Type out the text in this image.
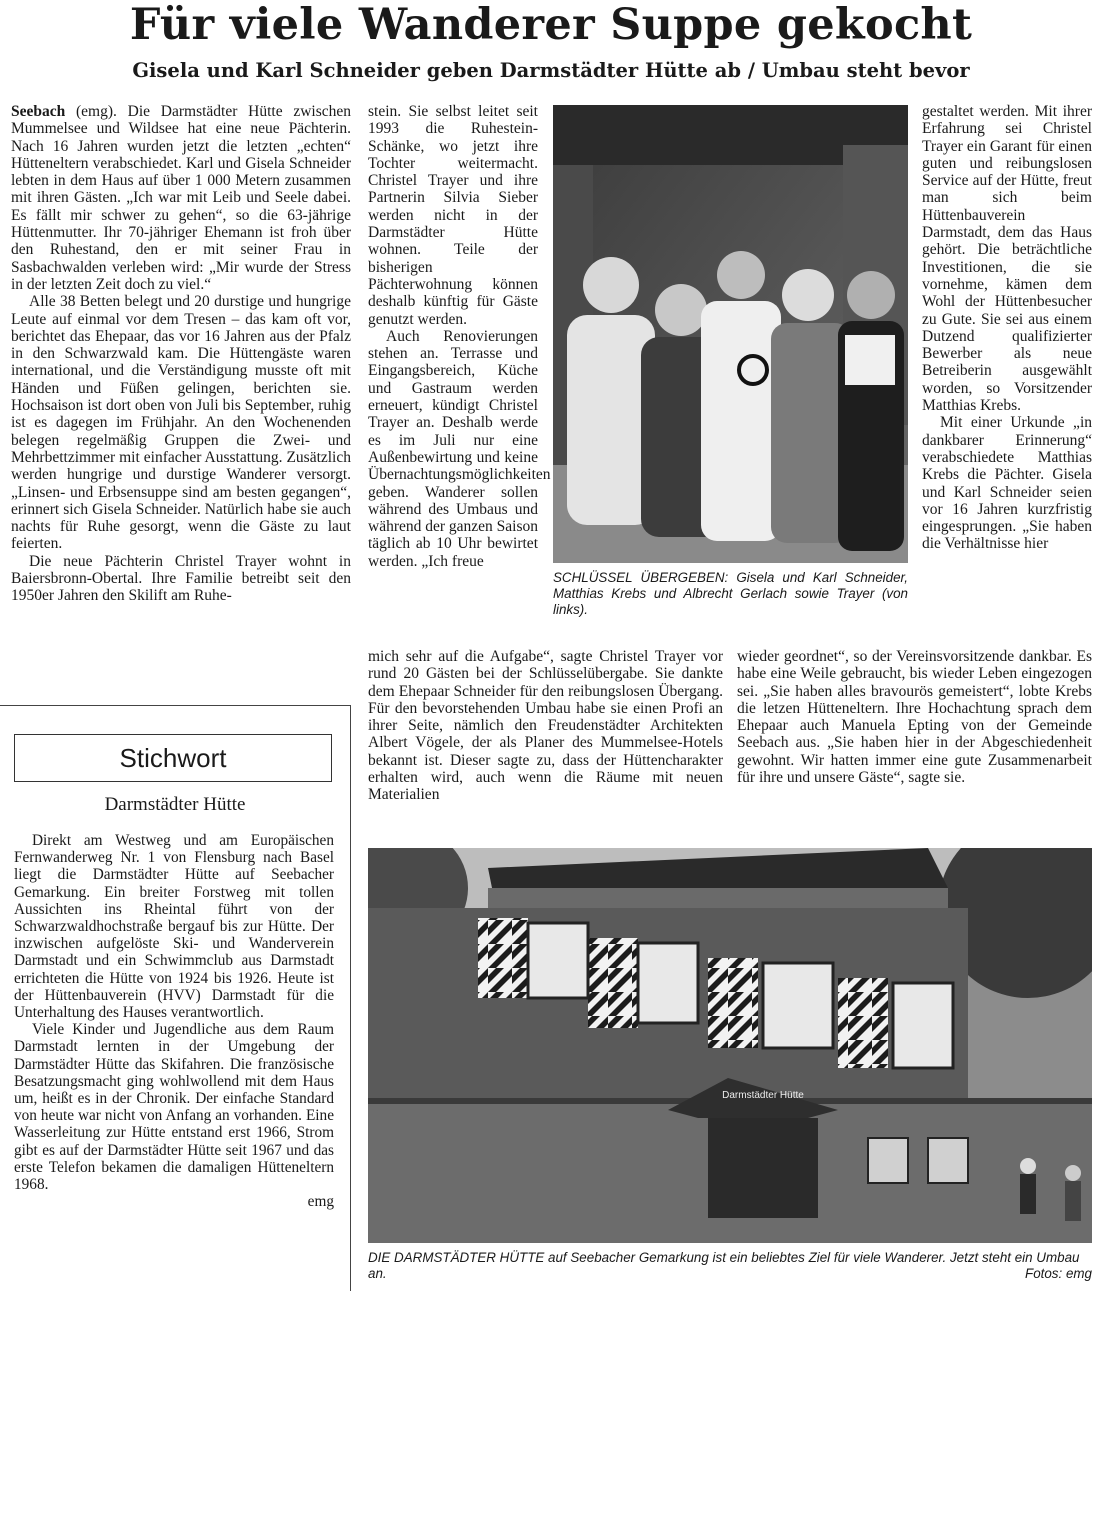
Für viele Wanderer Suppe gekocht
Gisela und Karl Schneider geben Darmstädter Hütte ab / Umbau steht bevor

Seebach (emg). Die Darmstädter Hütte zwischen Mummelsee und Wildsee hat eine neue Pächterin. Nach 16 Jahren wurden jetzt die letzten „echten“ Hütteneltern verabschiedet. Karl und Gisela Schneider lebten in dem Haus auf über 1 000 Metern zusammen mit ihren Gästen. „Ich war mit Leib und Seele dabei. Es fällt mir schwer zu gehen“, so die 63-jährige Hüttenmutter. Ihr 70-jähriger Ehemann ist froh über den Ruhestand, den er mit seiner Frau in Sasbachwalden verleben wird: „Mir wurde der Stress in der letzten Zeit doch zu viel.“

Alle 38 Betten belegt und 20 durstige und hungrige Leute auf einmal vor dem Tresen – das kam oft vor, berichtet das Ehepaar, das vor 16 Jahren aus der Pfalz in den Schwarzwald kam. Die Hüttengäste waren international, und die Verständigung musste oft mit Händen und Füßen gelingen, berichten sie. Hochsaison ist dort oben von Juli bis September, ruhig ist es dagegen im Frühjahr. An den Wochenenden belegen regelmäßig Gruppen die Zwei- und Mehrbettzimmer mit einfacher Ausstattung. Zusätzlich werden hungrige und durstige Wanderer versorgt. „Linsen- und Erbsensuppe sind am besten gegangen“, erinnert sich Gisela Schneider. Natürlich habe sie auch nachts für Ruhe gesorgt, wenn die Gäste zu laut feierten.

Die neue Pächterin Christel Trayer wohnt in Baiersbronn-Obertal. Ihre Familie betreibt seit den 1950er Jahren den Skilift am Ruhe-

stein. Sie selbst leitet seit 1993 die Ruhestein-Schänke, wo jetzt ihre Tochter weitermacht. Christel Trayer und ihre Partnerin Silvia Sieber werden nicht in der Darmstädter Hütte wohnen. Teile der bisherigen Pächterwohnung können deshalb künftig für Gäste genutzt werden.

Auch Renovierungen stehen an. Terrasse und Eingangsbereich, Küche und Gastraum werden erneuert, kündigt Christel Trayer an. Deshalb werde es im Juli nur eine Außenbewirtung und keine Übernachtungsmöglichkeiten geben. Wanderer sollen während des Umbaus und während der ganzen Saison täglich ab 10 Uhr bewirtet werden. „Ich freue

mich sehr auf die Aufgabe“, sagte Christel Trayer vor rund 20 Gästen bei der Schlüsselübergabe. Sie dankte dem Ehepaar Schneider für den reibungslosen Übergang. Für den bevorstehenden Umbau habe sie einen Profi an ihrer Seite, nämlich den Freudenstädter Architekten Albert Vögele, der als Planer des Mummelsee-Hotels bekannt ist. Dieser sagte zu, dass der Hüttencharakter erhalten wird, auch wenn die Räume mit neuen Materialien

gestaltet werden. Mit ihrer Erfahrung sei Christel Trayer ein Garant für einen guten und reibungslosen Service auf der Hütte, freut man sich beim Hüttenbauverein Darmstadt, dem das Haus gehört. Die beträchtliche Investitionen, die sie vornehme, kämen dem Wohl der Hüttenbesucher zu Gute. Sie sei aus einem Dutzend qualifizierter Bewerber als neue Betreiberin ausgewählt worden, so Vorsitzender Matthias Krebs.

Mit einer Urkunde „in dankbarer Erinnerung“ verabschiedete Matthias Krebs die Pächter. Gisela und Karl Schneider seien vor 16 Jahren kurzfristig eingesprungen. „Sie haben die Verhältnisse hier

wieder geordnet“, so der Vereinsvorsitzende dankbar. Es habe eine Weile gebraucht, bis wieder Leben eingezogen sei. „Sie haben alles bravourös gemeistert“, lobte Krebs die letzen Hütteneltern. Ihre Hochachtung sprach dem Ehepaar auch Manuela Epting von der Gemeinde Seebach aus. „Sie haben hier in der Abgeschiedenheit gewohnt. Wir hatten immer eine gute Zusammenarbeit für ihre und unsere Gäste“, sagte sie.

SCHLÜSSEL ÜBERGEBEN: Gisela und Karl Schneider, Matthias Krebs und Albrecht Gerlach sowie Trayer (von links).
Stichwort
Darmstädter Hütte

Direkt am Westweg und am Europäischen Fernwanderweg Nr. 1 von Flensburg nach Basel liegt die Darmstädter Hütte auf Seebacher Gemarkung. Ein breiter Forstweg mit tollen Aussichten ins Rheintal führt von der Schwarzwaldhochstraße bergauf bis zur Hütte. Der inzwischen aufgelöste Ski- und Wanderverein Darmstadt und ein Schwimmclub aus Darmstadt errichteten die Hütte von 1924 bis 1926. Heute ist der Hüttenbauverein (HVV) Darmstadt für die Unterhaltung des Hauses verantwortlich.

Viele Kinder und Jugendliche aus dem Raum Darmstadt lernten in der Umgebung der Darmstädter Hütte das Skifahren. Die französische Besatzungsmacht ging wohlwollend mit dem Haus um, heißt es in der Chronik. Der einfache Standard von heute war nicht von Anfang an vorhanden. Eine Wasserleitung zur Hütte entstand erst 1966, Strom gibt es auf der Darmstädter Hütte seit 1967 und das erste Telefon bekamen die damaligen Hütteneltern 1968.

emg
Darmstädter Hütte
DIE DARMSTÄDTER HÜTTE auf Seebacher Gemarkung ist ein beliebtes Ziel für viele Wanderer. Jetzt steht ein Umbau an.	Fotos: emg
